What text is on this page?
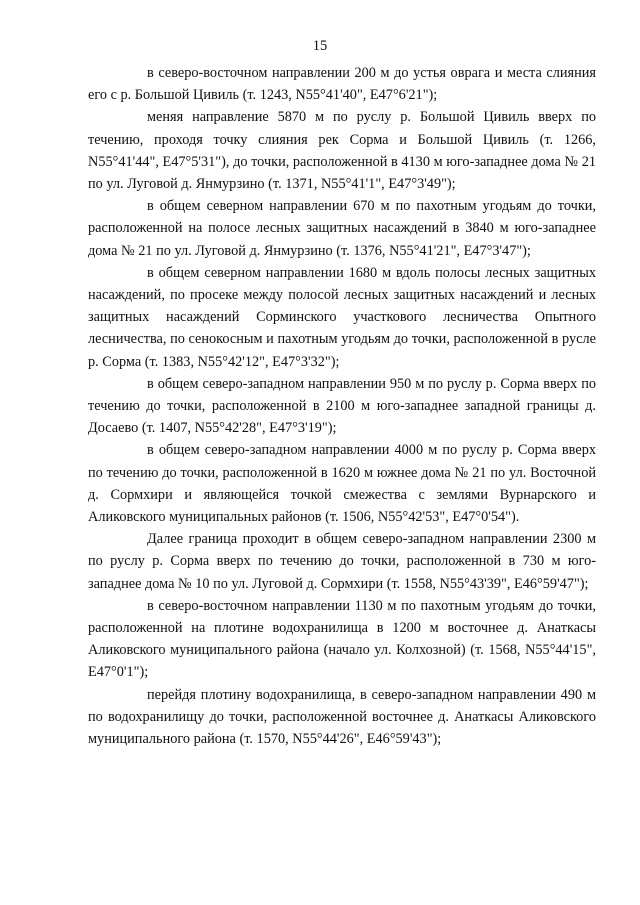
15

в северо-восточном направлении 200 м до устья оврага и места слияния его с р. Большой Цивиль (т. 1243, N55°41'40", E47°6'21");

меняя направление 5870 м по руслу р. Большой Цивиль вверх по течению, проходя точку слияния рек Сорма и Большой Цивиль (т. 1266, N55°41'44", E47°5'31"), до точки, расположенной в 4130 м юго-западнее дома № 21 по ул. Луговой д. Янмурзино (т. 1371, N55°41'1", E47°3'49");

в общем северном направлении 670 м по пахотным угодьям до точки, расположенной на полосе лесных защитных насаждений в 3840 м юго-западнее дома № 21 по ул. Луговой д. Янмурзино (т. 1376, N55°41'21", E47°3'47");

в общем северном направлении 1680 м вдоль полосы лесных защитных насаждений, по просеке между полосой лесных защитных насаждений и лесных защитных насаждений Сорминского участкового лесничества Опытного лесничества, по сенокосным и пахотным угодьям до точки, расположенной в русле р. Сорма (т. 1383, N55°42'12", E47°3'32");

в общем северо-западном направлении 950 м по руслу р. Сорма вверх по течению до точки, расположенной в 2100 м юго-западнее западной границы д. Досаево (т. 1407, N55°42'28", E47°3'19");

в общем северо-западном направлении 4000 м по руслу р. Сорма вверх по течению до точки, расположенной в 1620 м южнее дома № 21 по ул. Восточной д. Сормхири и являющейся точкой смежества с землями Вурнарского и Аликовского муниципальных районов (т. 1506, N55°42'53", E47°0'54").

Далее граница проходит в общем северо-западном направлении 2300 м по руслу р. Сорма вверх по течению до точки, расположенной в 730 м юго-западнее дома № 10 по ул. Луговой д. Сормхири (т. 1558, N55°43'39", E46°59'47");

в северо-восточном направлении 1130 м по пахотным угодьям до точки, расположенной на плотине водохранилища в 1200 м восточнее д. Анаткасы Аликовского муниципального района (начало ул. Колхозной) (т. 1568, N55°44'15", E47°0'1");

перейдя плотину водохранилища, в северо-западном направлении 490 м по водохранилищу до точки, расположенной восточнее д. Анаткасы Аликовского муниципального района (т. 1570, N55°44'26", E46°59'43");
